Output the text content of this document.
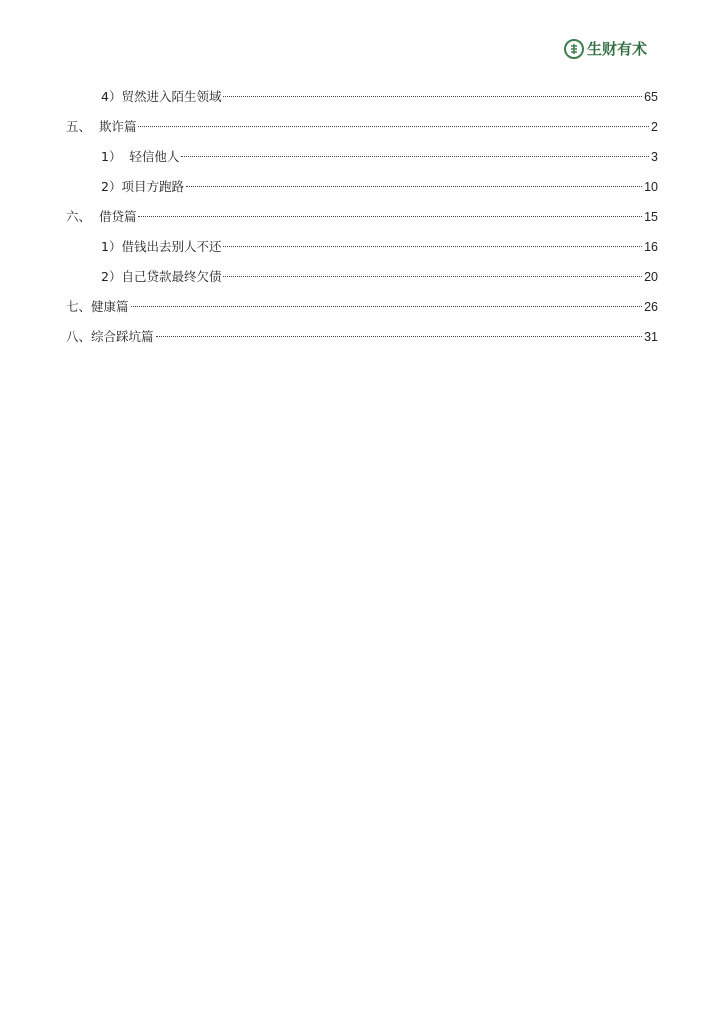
生财有术
4）贸然进入陌生领域	65
五、  欺诈篇	2
1）  轻信他人	3
2）项目方跑路	10
六、  借贷篇	15
1）借钱出去别人不还	16
2）自己贷款最终欠债	20
七、健康篇	26
八、综合踩坑篇	31
